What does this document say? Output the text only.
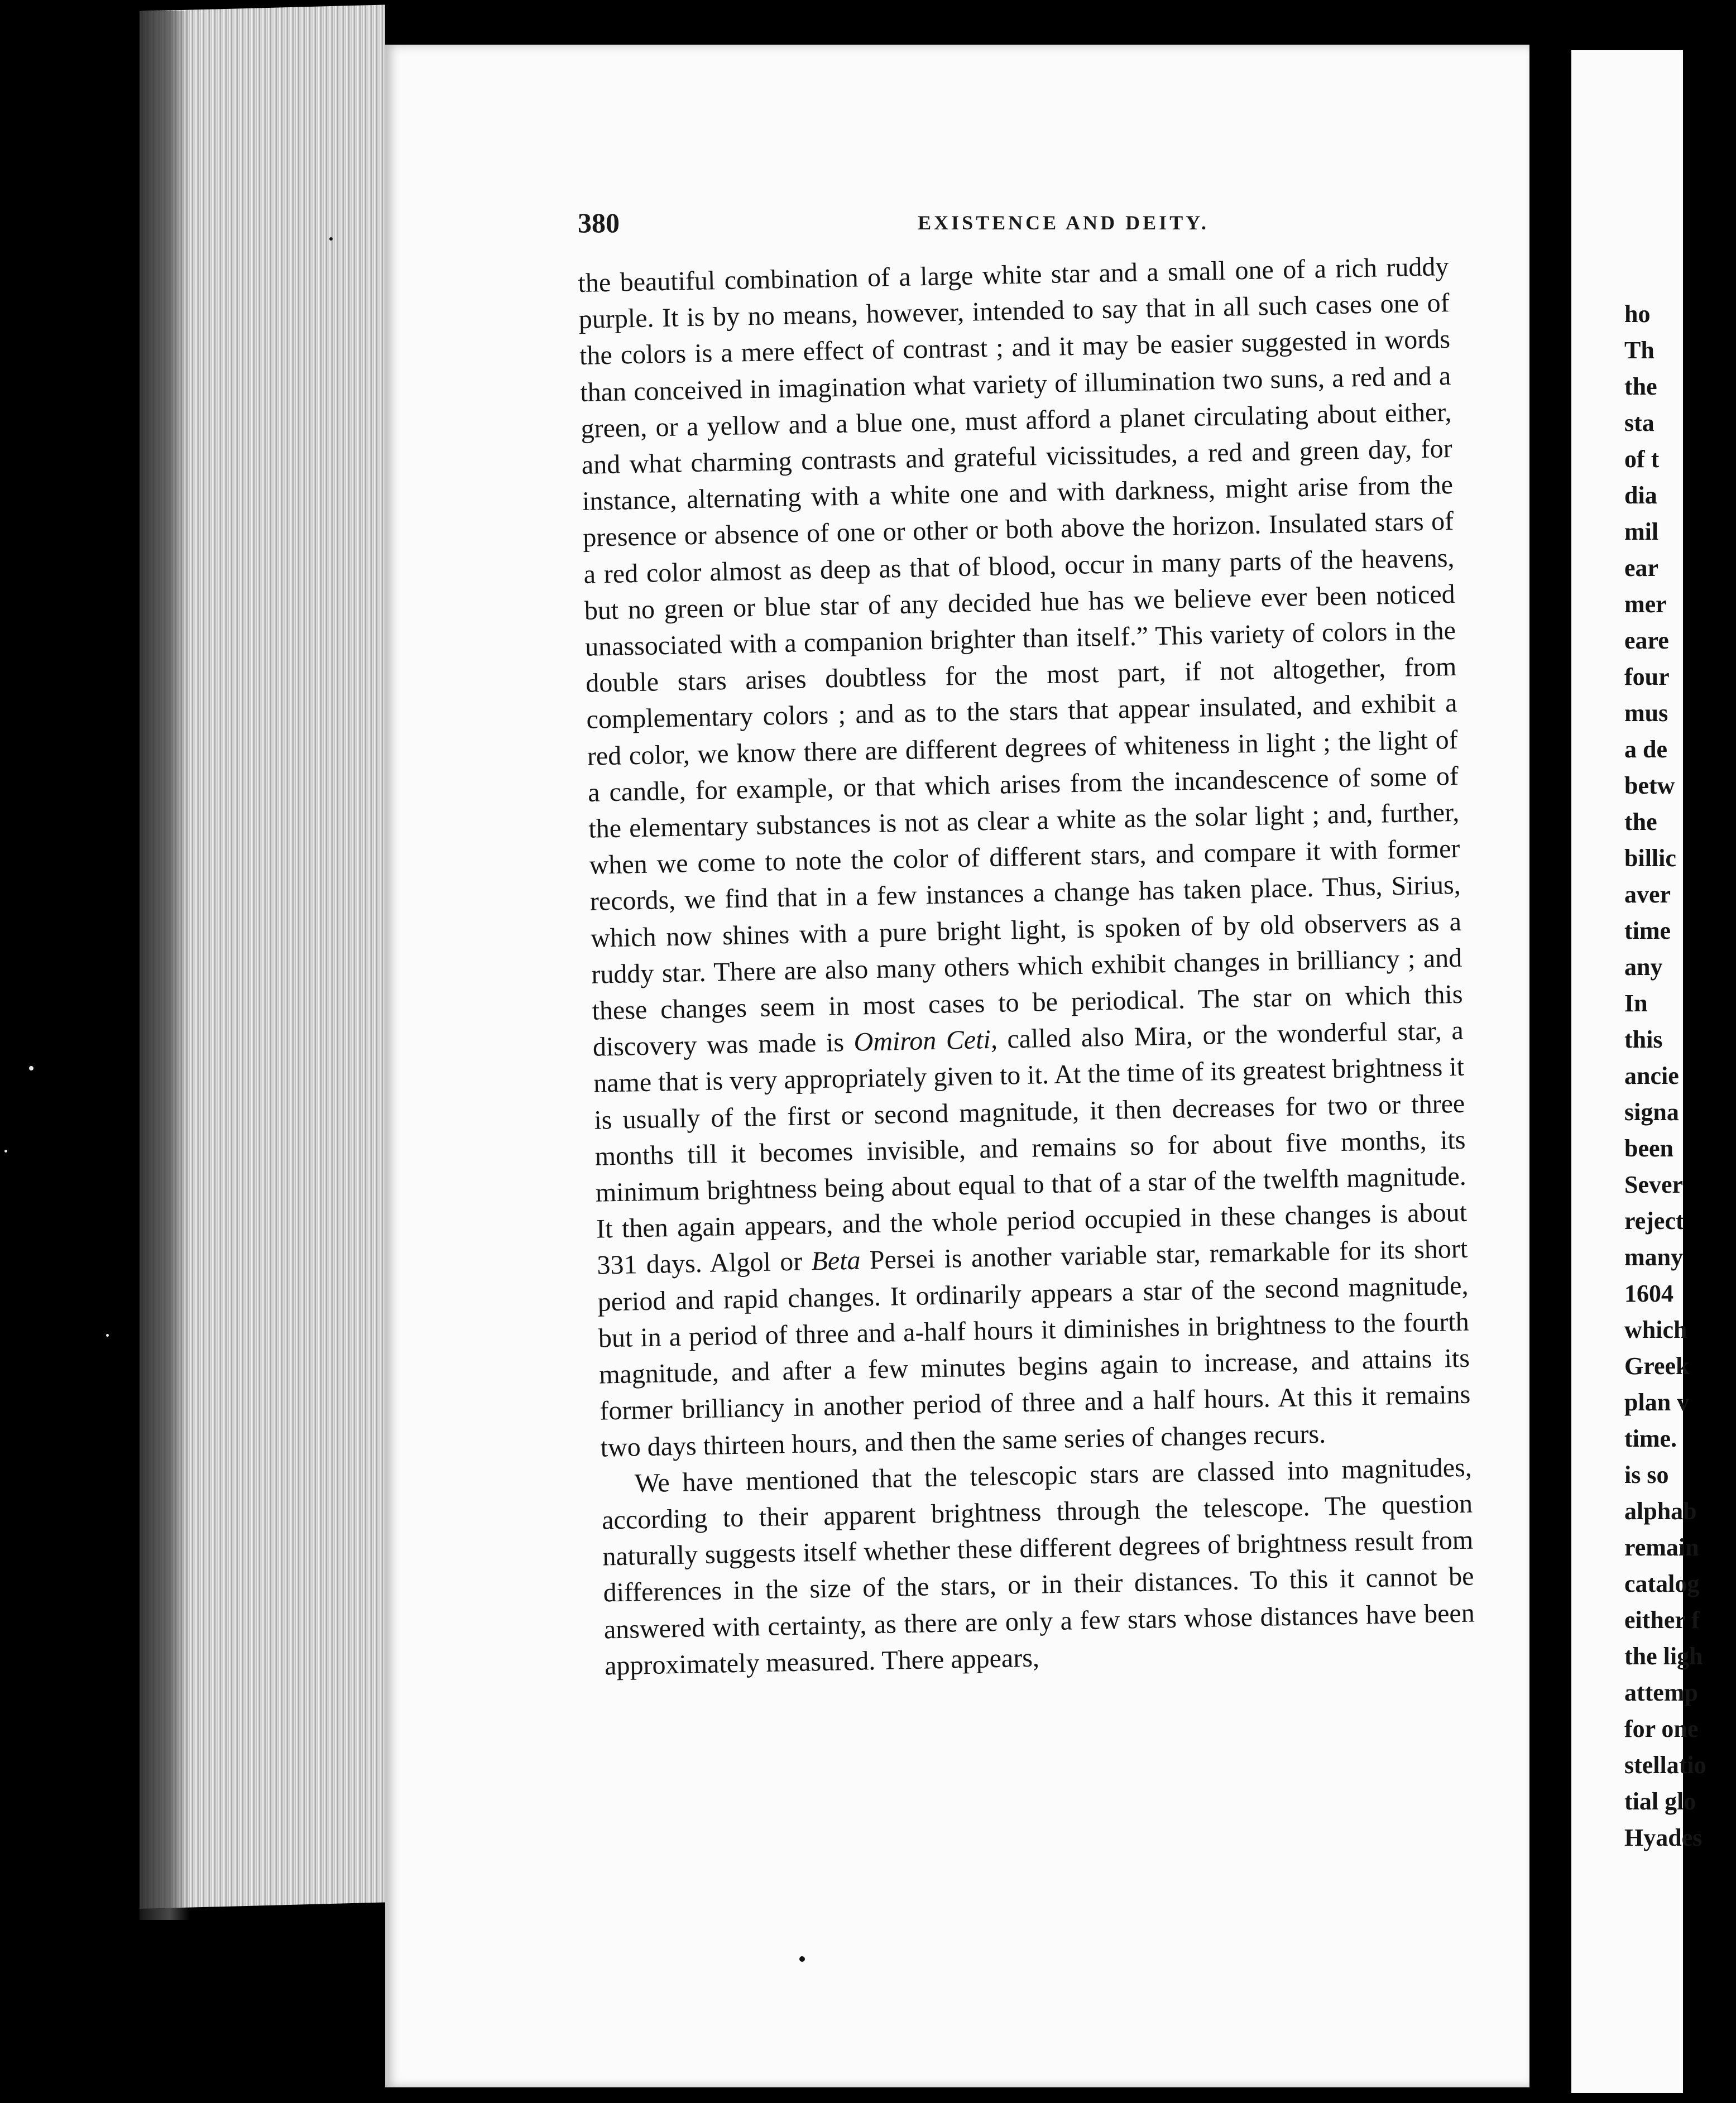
380	EXISTENCE AND DEITY.

the beautiful combination of a large white star and a small one of a rich ruddy purple. It is by no means, however, intended to say that in all such cases one of the colors is a mere effect of contrast ; and it may be easier suggested in words than conceived in imagination what variety of illumination two suns, a red and a green, or a yellow and a blue one, must afford a planet circulating about either, and what charming contrasts and grateful vicissitudes, a red and green day, for instance, alternating with a white one and with darkness, might arise from the presence or absence of one or other or both above the horizon. Insulated stars of a red color almost as deep as that of blood, occur in many parts of the heavens, but no green or blue star of any decided hue has we believe ever been noticed unassociated with a companion brighter than itself.” This variety of colors in the double stars arises doubtless for the most part, if not altogether, from complementary colors ; and as to the stars that appear insulated, and exhibit a red color, we know there are different degrees of whiteness in light ; the light of a candle, for example, or that which arises from the incandescence of some of the elementary substances is not as clear a white as the solar light ; and, further, when we come to note the color of different stars, and compare it with former records, we find that in a few instances a change has taken place. Thus, Sirius, which now shines with a pure bright light, is spoken of by old observers as a ruddy star. There are also many others which exhibit changes in brilliancy ; and these changes seem in most cases to be periodical. The star on which this discovery was made is Omiron Ceti, called also Mira, or the wonderful star, a name that is very appropriately given to it. At the time of its greatest brightness it is usually of the first or second magnitude, it then decreases for two or three months till it becomes invisible, and remains so for about five months, its minimum brightness being about equal to that of a star of the twelfth magnitude. It then again appears, and the whole period occupied in these changes is about 331 days. Algol or Beta Persei is another variable star, remarkable for its short period and rapid changes. It ordinarily appears a star of the second magnitude, but in a period of three and a-half hours it diminishes in brightness to the fourth magnitude, and after a few minutes begins again to increase, and attains its former brilliancy in another period of three and a half hours. At this it remains two days thirteen hours, and then the same series of changes recurs.

We have mentioned that the telescopic stars are classed into magnitudes, according to their apparent brightness through the telescope. The question naturally suggests itself whether these different degrees of brightness result from differences in the size of the stars, or in their distances. To this it cannot be answered with certainty, as there are only a few stars whose distances have been approximately measured. There appears,

ho
Th
the
sta
of t
dia
mil
ear
mer
eare
four
mus
a de
betw
the
billic
aver
time
any
In
this
ancie
signa
been
Sever
reject
many
1604
which
Greek
plan v
time.
is so
alphab
remain
catalog
either f
the ligh
attemp
for one
stellatio
tial glo
Hyades
